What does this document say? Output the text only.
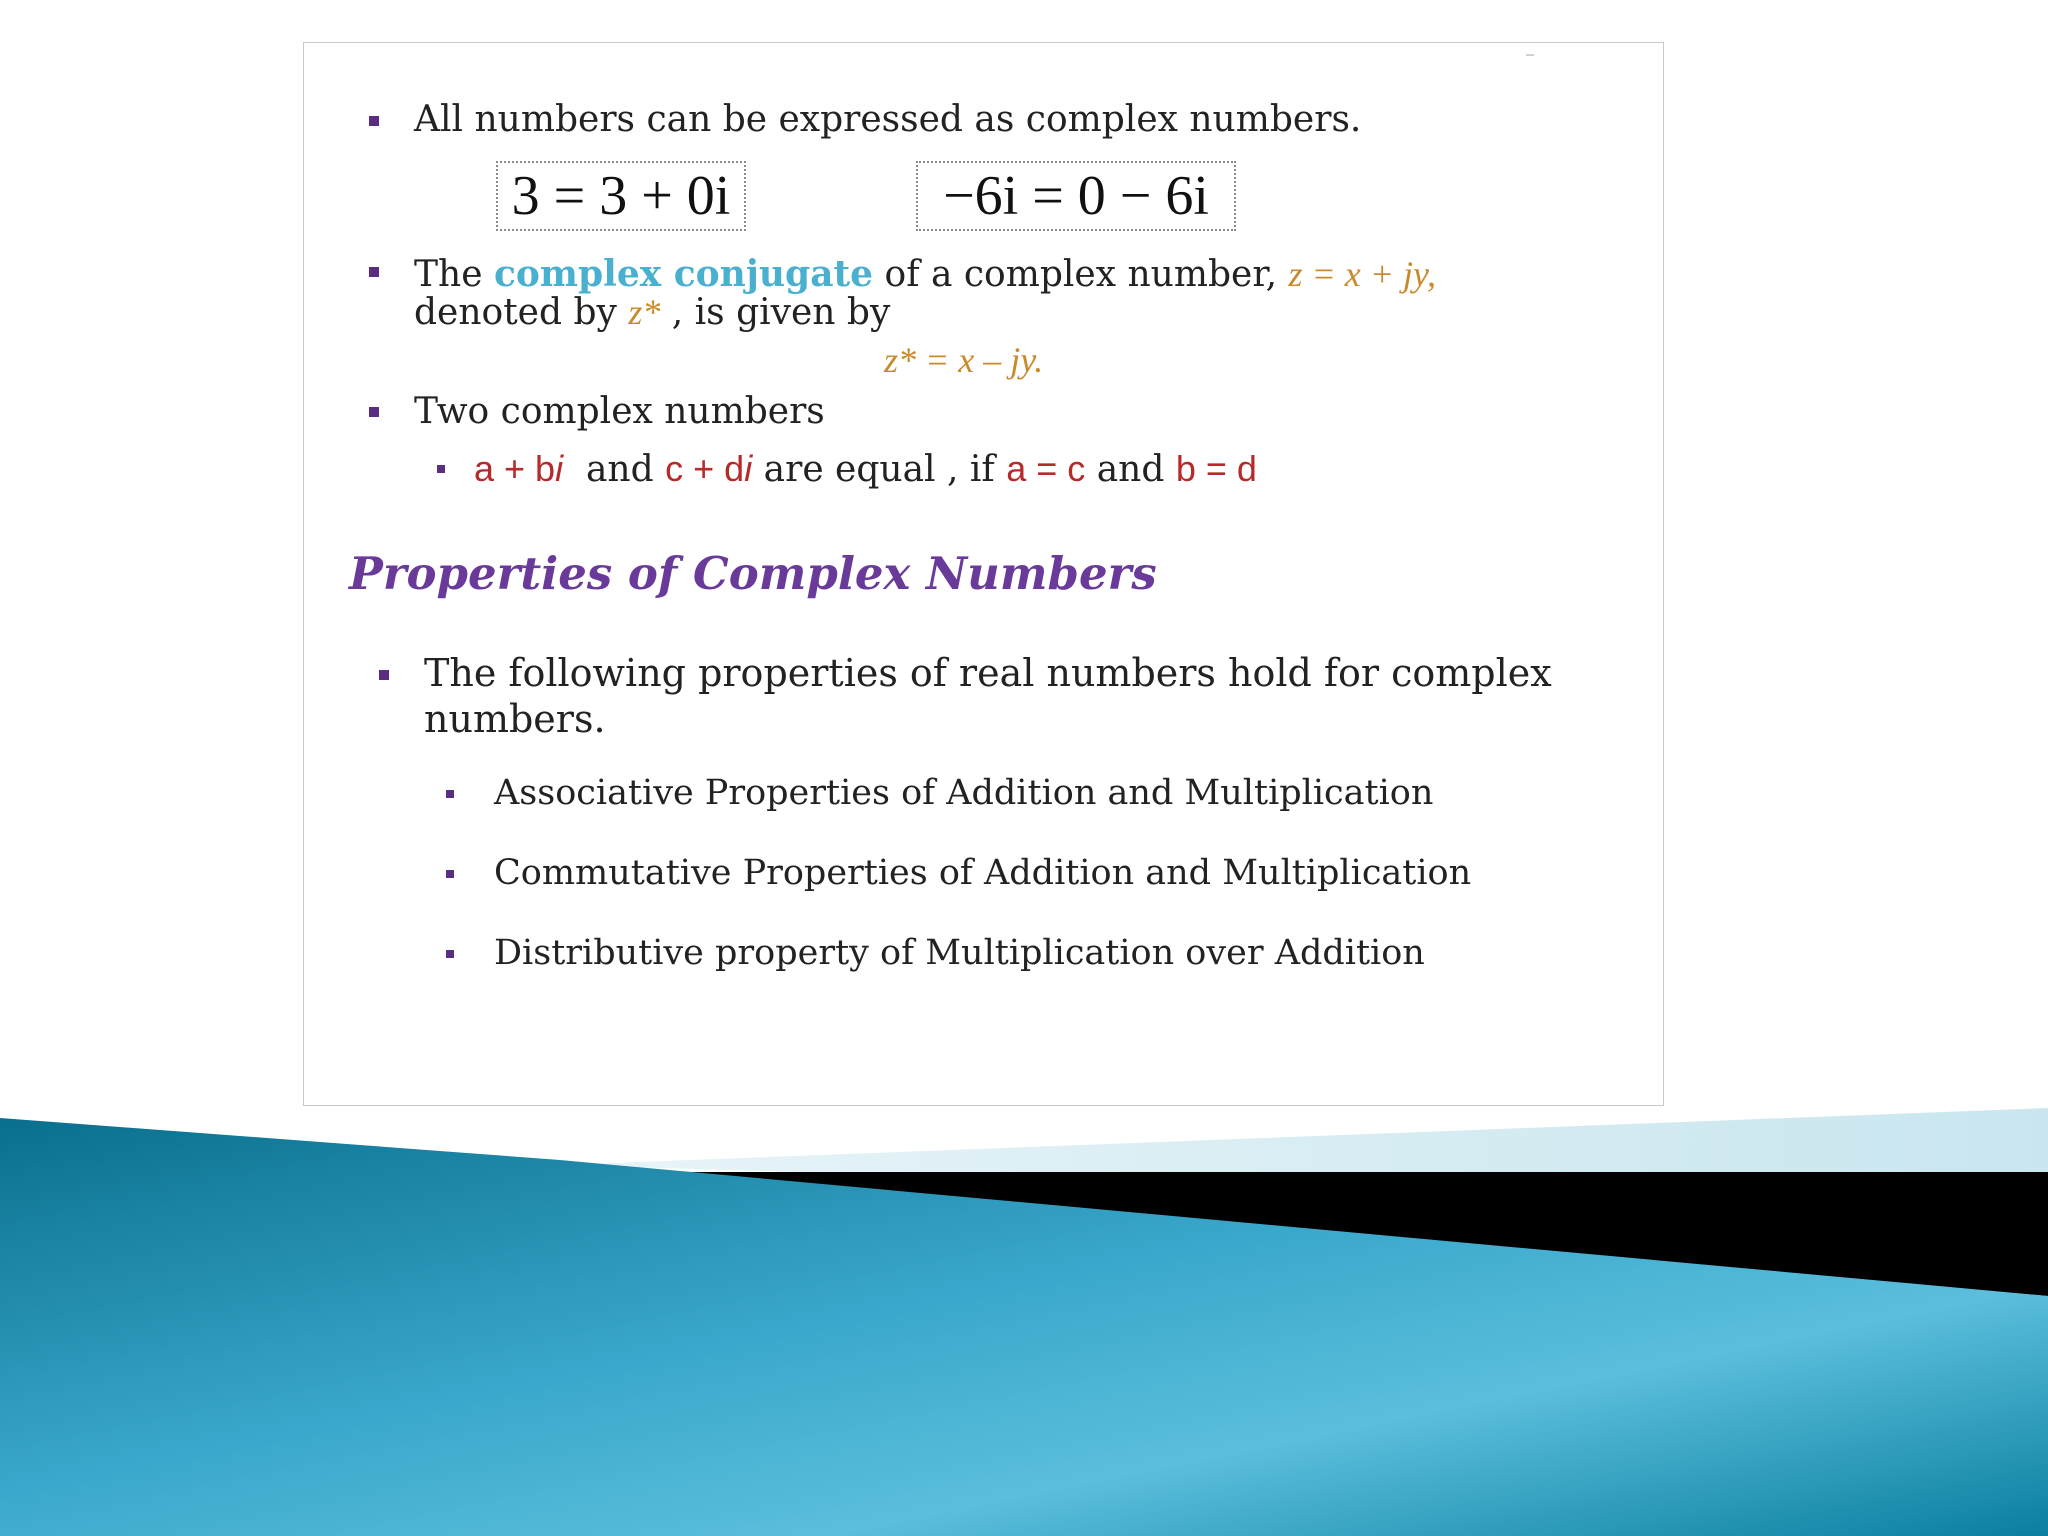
All numbers can be expressed as complex numbers.
3 = 3 + 0i	−6i = 0 − 6i
The complex conjugate of a complex number, z = x + jy,
denoted by z* , is given by
z* = x – jy.
Two complex numbers
a + bi and c + di are equal , if a = c and b = d
Properties of Complex Numbers
The following properties of real numbers hold for complex
numbers.
Associative Properties of Addition and Multiplication
Commutative Properties of Addition and Multiplication
Distributive property of Multiplication over Addition
